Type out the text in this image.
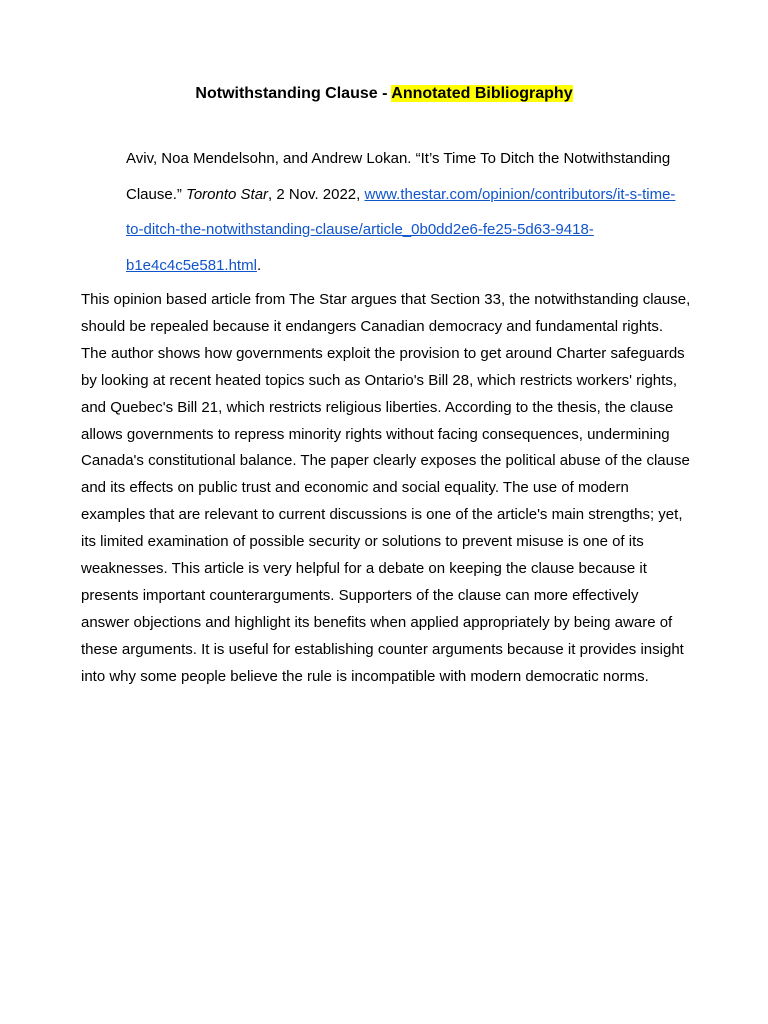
Notwithstanding Clause - Annotated Bibliography

Aviv, Noa Mendelsohn, and Andrew Lokan. “It’s Time To Ditch the Notwithstanding Clause.” Toronto Star, 2 Nov. 2022, www.thestar.com/opinion/contributors/it-s-time-
to-ditch-the-notwithstanding-clause/article_0b0dd2e6-fe25-5d63-9418-
b1e4c4c5e581.html.

This opinion based article from The Star argues that Section 33, the notwithstanding clause, should be repealed because it endangers Canadian democracy and fundamental rights. The author shows how governments exploit the provision to get around Charter safeguards by looking at recent heated topics such as Ontario's Bill 28, which restricts workers' rights, and Quebec's Bill 21, which restricts religious liberties. According to the thesis, the clause allows governments to repress minority rights without facing consequences, undermining Canada's constitutional balance. The paper clearly exposes the political abuse of the clause and its effects on public trust and economic and social equality. The use of modern examples that are relevant to current discussions is one of the article's main strengths; yet, its limited examination of possible security or solutions to prevent misuse is one of its weaknesses. This article is very helpful for a debate on keeping the clause because it presents important counterarguments. Supporters of the clause can more effectively answer objections and highlight its benefits when applied appropriately by being aware of these arguments. It is useful for establishing counter arguments because it provides insight into why some people believe the rule is incompatible with modern democratic norms.
